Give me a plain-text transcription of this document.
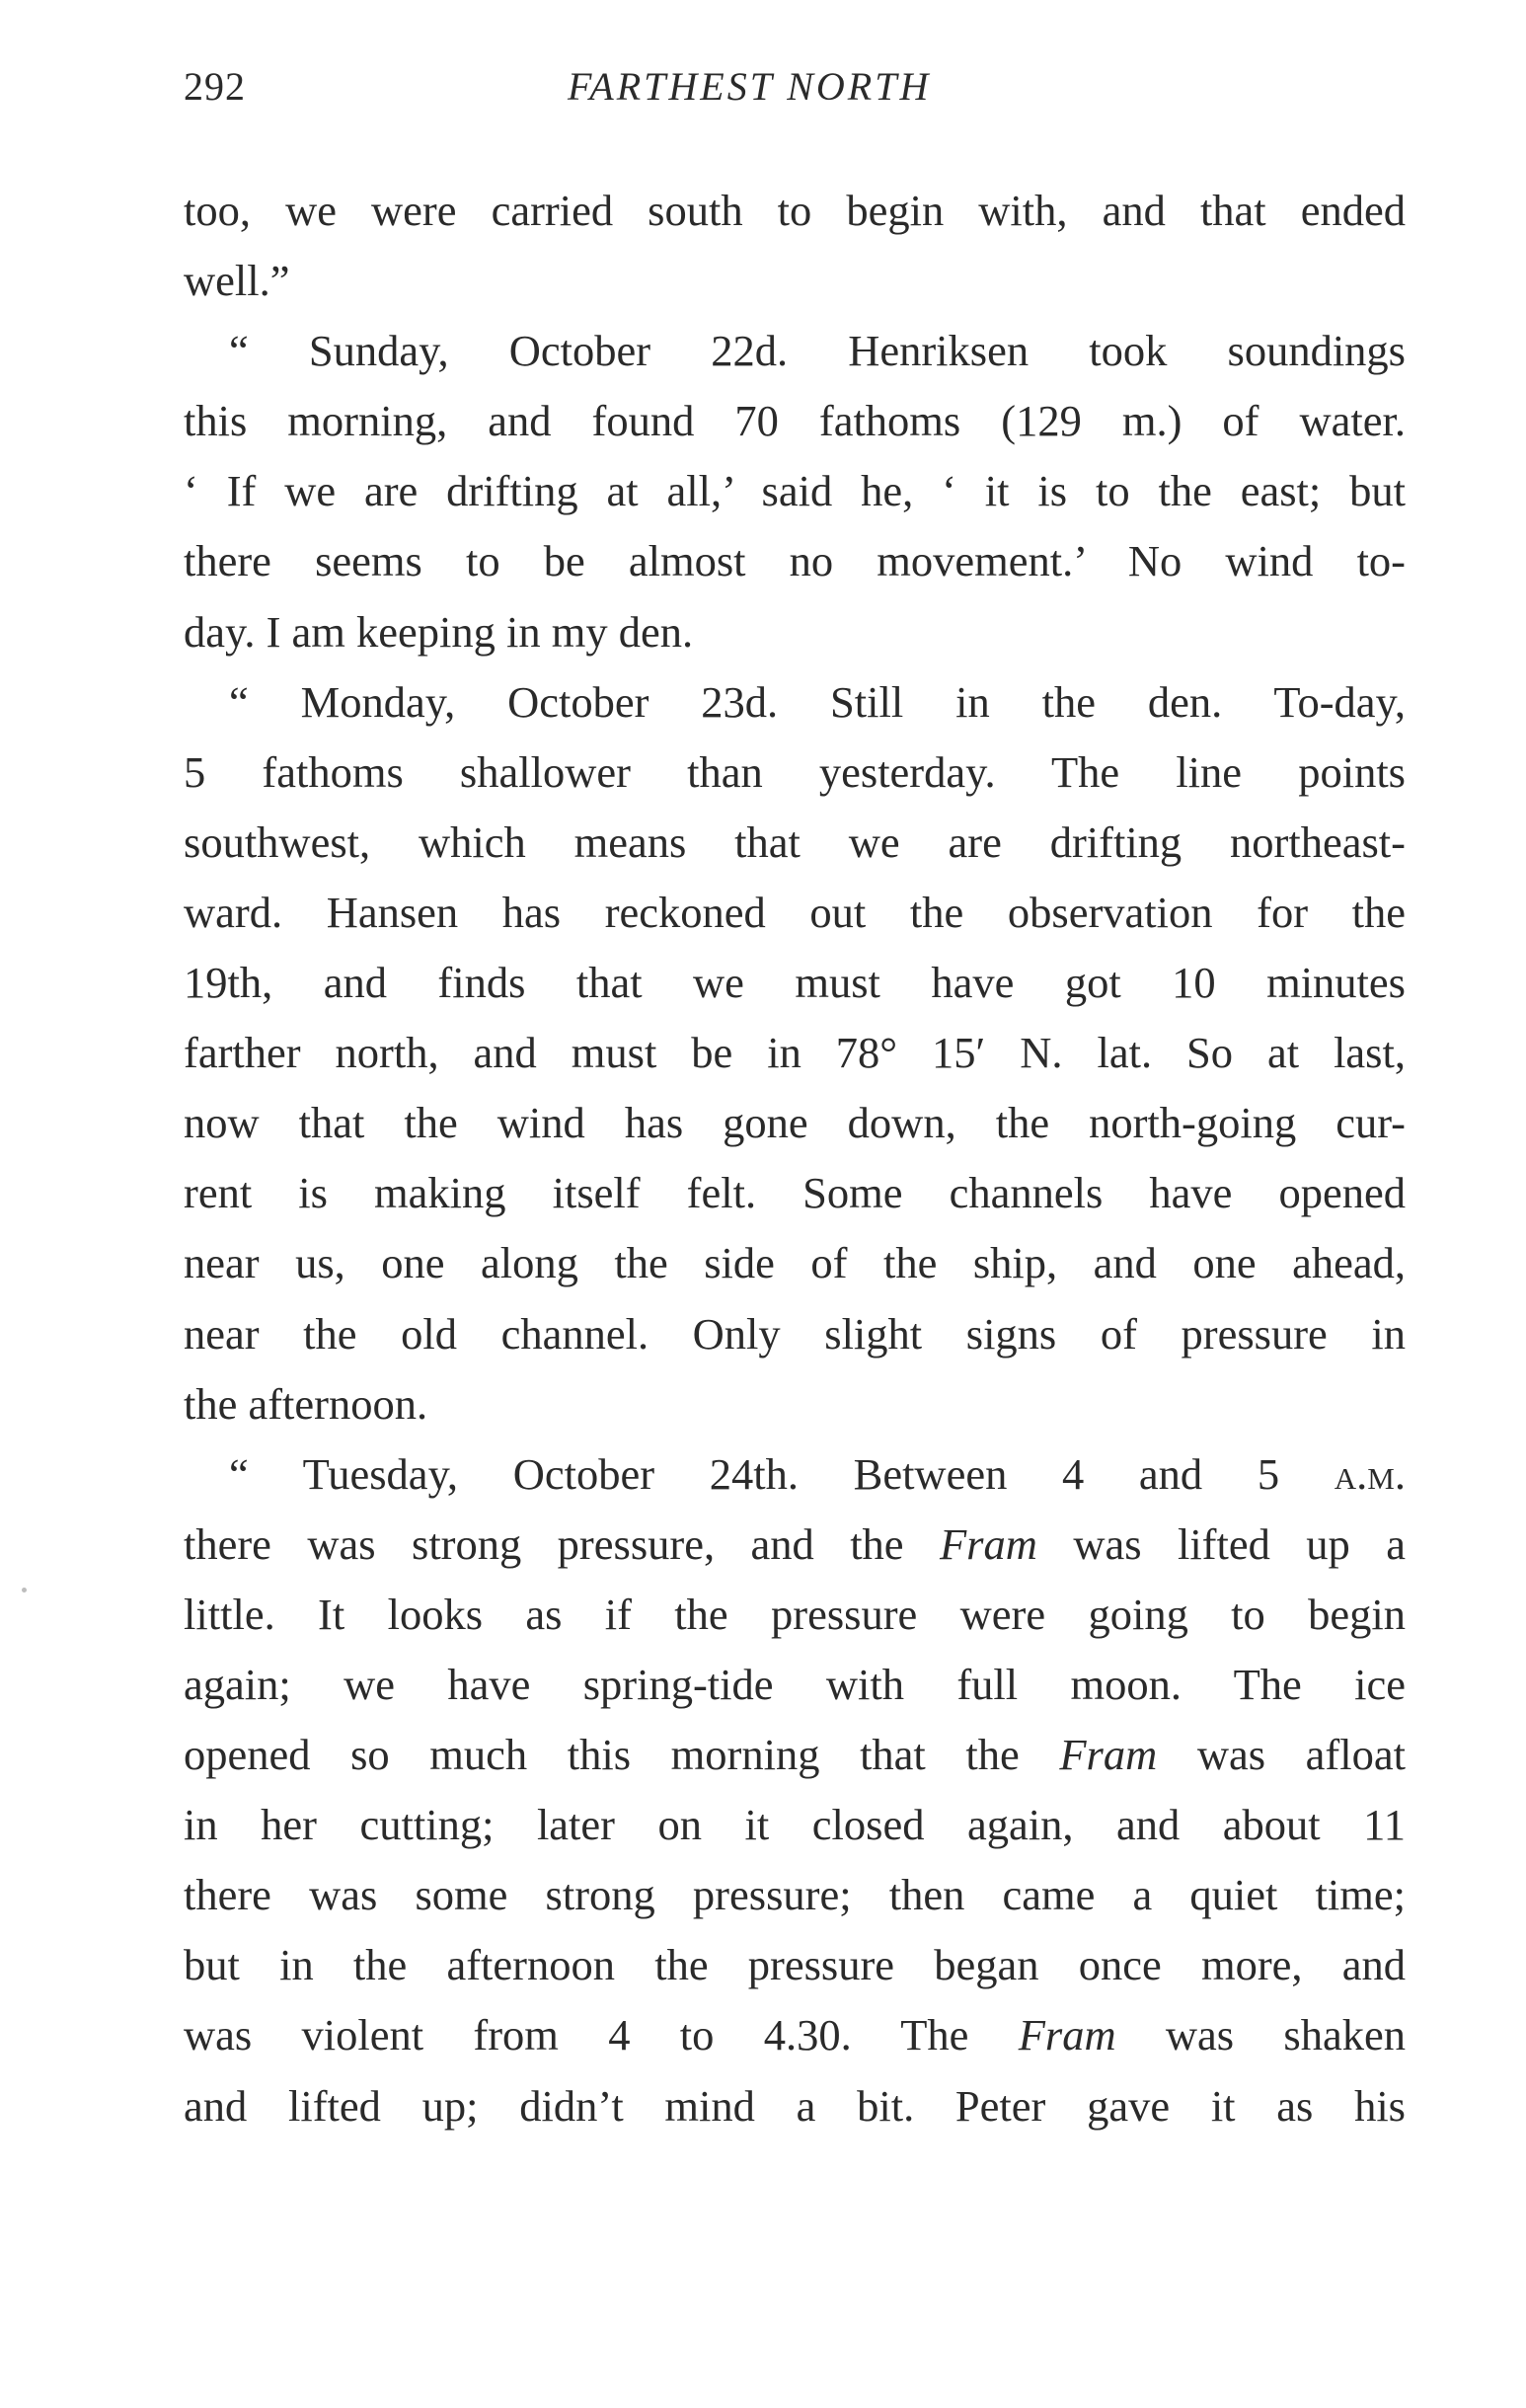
292	FARTHEST NORTH
too, we were carried south to begin with, and that ended
well.”
“ Sunday, October 22d. Henriksen took soundings
this morning, and found 70 fathoms (129 m.) of water.
‘ If we are drifting at all,’ said he, ‘ it is to the east; but
there seems to be almost no movement.’ No wind to-
day. I am keeping in my den.
“ Monday, October 23d. Still in the den. To-day,
5 fathoms shallower than yesterday. The line points
southwest, which means that we are drifting northeast-
ward. Hansen has reckoned out the observation for the
19th, and finds that we must have got 10 minutes
farther north, and must be in 78° 15′ N. lat. So at last,
now that the wind has gone down, the north-going cur-
rent is making itself felt. Some channels have opened
near us, one along the side of the ship, and one ahead,
near the old channel. Only slight signs of pressure in
the afternoon.
“ Tuesday, October 24th. Between 4 and 5 a.m.
there was strong pressure, and the Fram was lifted up a
little. It looks as if the pressure were going to begin
again; we have spring-tide with full moon. The ice
opened so much this morning that the Fram was afloat
in her cutting; later on it closed again, and about 11
there was some strong pressure; then came a quiet time;
but in the afternoon the pressure began once more, and
was violent from 4 to 4.30. The Fram was shaken
and lifted up; didn’t mind a bit. Peter gave it as his
